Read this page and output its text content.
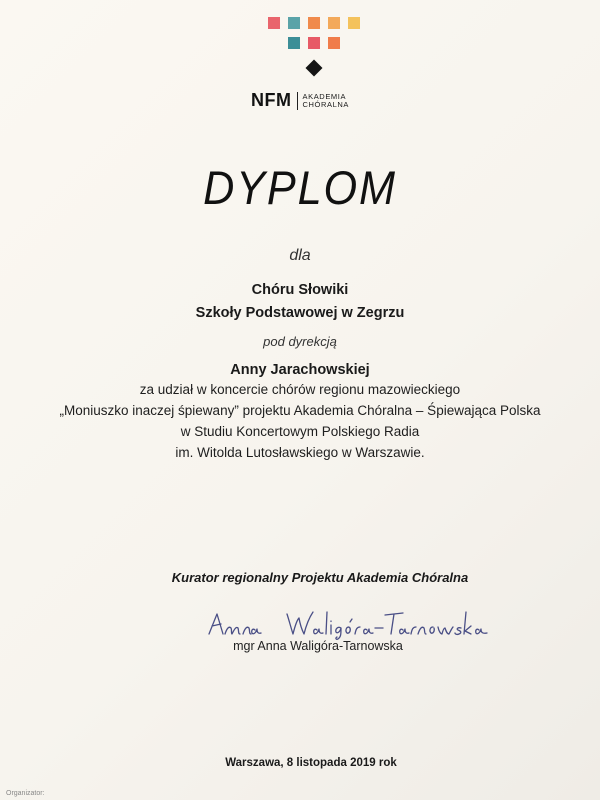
NFM AKADEMIA
CHÓRALNA
DYPLOM
dla
Chóru Słowiki
Szkoły Podstawowej w Zegrzu
pod dyrekcją
Anny Jarachowskiej
za udział w koncercie chórów regionu mazowieckiego
„Moniuszko inaczej śpiewany” projektu Akademia Chóralna – Śpiewająca Polska
w Studiu Koncertowym Polskiego Radia
im. Witolda Lutosławskiego w Warszawie.
Kurator regionalny Projektu Akademia Chóralna
mgr Anna Waligóra-Tarnowska
Warszawa, 8 listopada 2019 rok
Organizator:
